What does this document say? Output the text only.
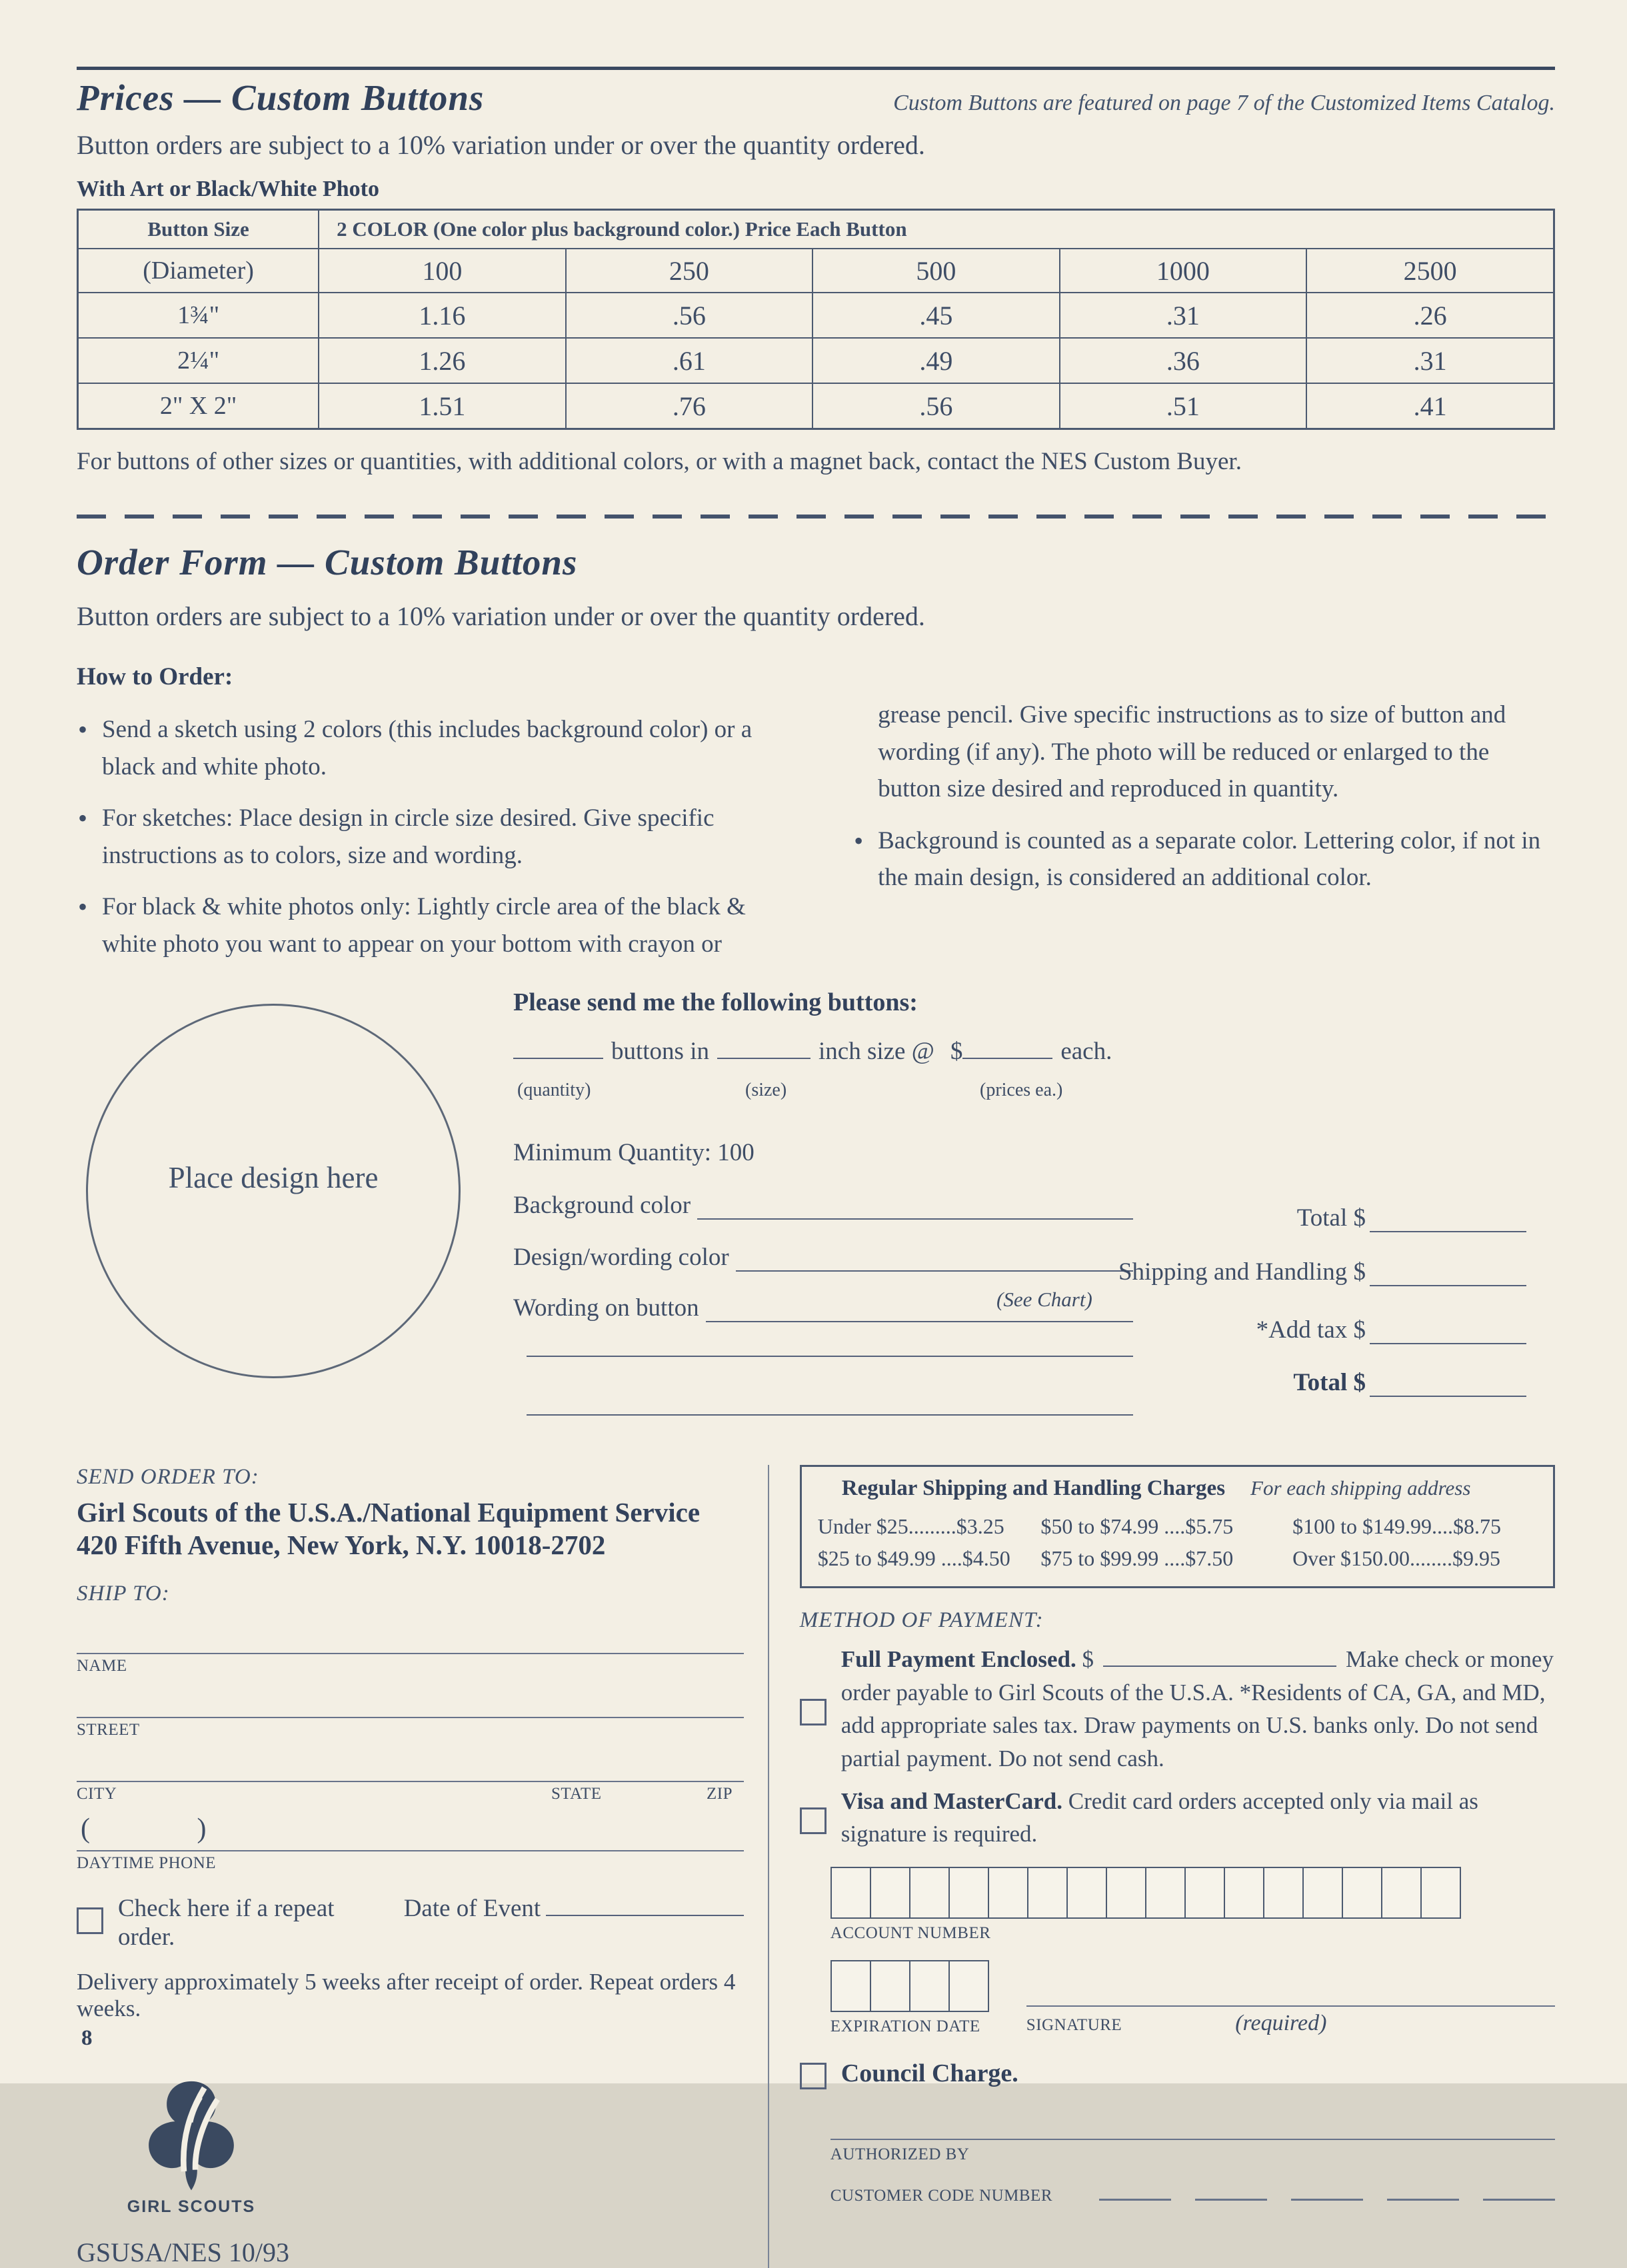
Prices — Custom Buttons	Custom Buttons are featured on page 7 of the Customized Items Catalog.
Button orders are subject to a 10% variation under or over the quantity ordered.
With Art or Black/White Photo
Button Size	2 COLOR (One color plus background color.) Price Each Button				
(Diameter)	100	250	500	1000	2500
1¾"	1.16	.56	.45	.31	.26
2¼"	1.26	.61	.49	.36	.31
2" X 2"	1.51	.76	.56	.51	.41
For buttons of other sizes or quantities, with additional colors, or with a magnet back, contact the NES Custom Buyer.
Order Form — Custom Buttons
Button orders are subject to a 10% variation under or over the quantity ordered.
How to Order:
• Send a sketch using 2 colors (this includes background color) or a black and white photo.
• For sketches: Place design in circle size desired. Give specific instructions as to colors, size and wording.
• For black & white photos only: Lightly circle area of the black & white photo you want to appear on your bottom with crayon or
grease pencil. Give specific instructions as to size of button and wording (if any). The photo will be reduced or enlarged to the button size desired and reproduced in quantity.
• Background is counted as a separate color. Lettering color, if not in the main design, is considered an additional color.
Place design here
Please send me the following buttons:
buttons in	inch size @ $	each.
(quantity)	(size)	(prices ea.)
Minimum Quantity: 100
Background color
Design/wording color
Wording on button
Total $
Shipping and Handling $
(See Chart)
*Add tax $
Total $
SEND ORDER TO:
Girl Scouts of the U.S.A./National Equipment Service
420 Fifth Avenue, New York, N.Y. 10018-2702
SHIP TO:
NAME
STREET
CITY	STATE	ZIP
(	)
DAYTIME PHONE
Check here if a repeat order.
Date of Event
Delivery approximately 5 weeks after receipt of order. Repeat orders 4 weeks.
GIRL SCOUTS
GSUSA/NES 10/93
Regular Shipping and Handling Charges For each shipping address
Under $25.........$3.25	$50 to $74.99 ....$5.75	$100 to $149.99....$8.75
$25 to $49.99 ....$4.50	$75 to $99.99 ....$7.50	Over $150.00........$9.95
METHOD OF PAYMENT:
Full Payment Enclosed. $	Make check or money order payable to Girl Scouts of the U.S.A. *Residents of CA, GA, and MD, add appropriate sales tax. Draw payments on U.S. banks only. Do not send partial payment. Do not send cash.
Visa and MasterCard. Credit card orders accepted only via mail as signature is required.
ACCOUNT NUMBER
EXPIRATION DATE	SIGNATURE	(required)
Council Charge.
AUTHORIZED BY
CUSTOMER CODE NUMBER
8
